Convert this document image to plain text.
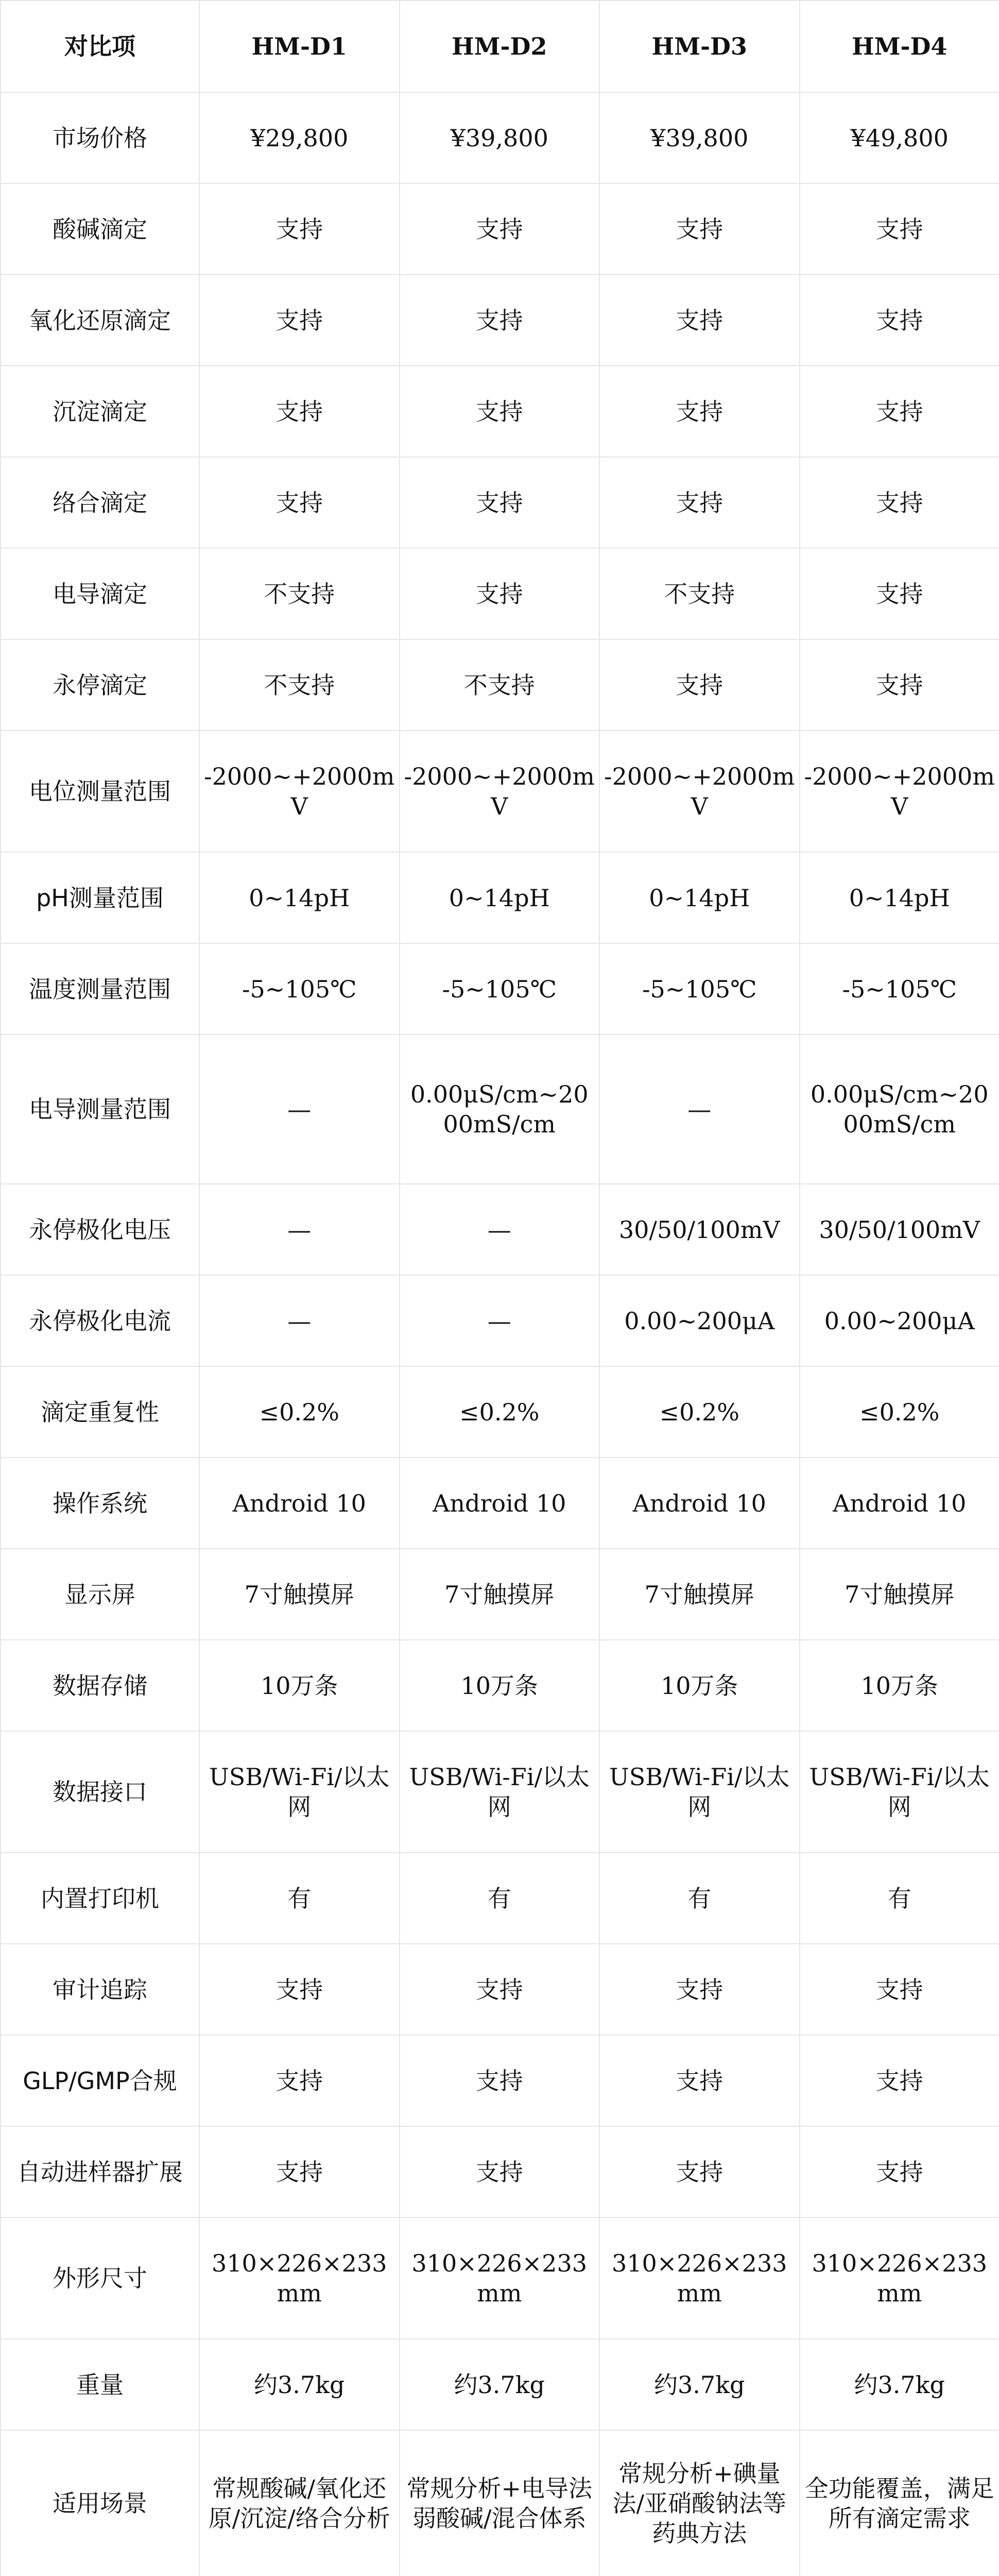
对比项	HM-D1	HM-D2	HM-D3	HM-D4
市场价格	¥29,800	¥39,800	¥39,800	¥49,800
酸碱滴定	支持	支持	支持	支持
氧化还原滴定	支持	支持	支持	支持
沉淀滴定	支持	支持	支持	支持
络合滴定	支持	支持	支持	支持
电导滴定	不支持	支持	不支持	支持
永停滴定	不支持	不支持	支持	支持
电位测量范围	-2000~+2000mV	-2000~+2000mV	-2000~+2000mV	-2000~+2000mV
pH测量范围	0~14pH	0~14pH	0~14pH	0~14pH
温度测量范围	-5~105℃	-5~105℃	-5~105℃	-5~105℃
电导测量范围	—	0.00μS/cm~2000mS/cm	—	0.00μS/cm~2000mS/cm
永停极化电压	—	—	30/50/100mV	30/50/100mV
永停极化电流	—	—	0.00~200μA	0.00~200μA
滴定重复性	≤0.2%	≤0.2%	≤0.2%	≤0.2%
操作系统	Android 10	Android 10	Android 10	Android 10
显示屏	7寸触摸屏	7寸触摸屏	7寸触摸屏	7寸触摸屏
数据存储	10万条	10万条	10万条	10万条
数据接口	USB/Wi-Fi/以太网	USB/Wi-Fi/以太网	USB/Wi-Fi/以太网	USB/Wi-Fi/以太网
内置打印机	有	有	有	有
审计追踪	支持	支持	支持	支持
GLP/GMP合规	支持	支持	支持	支持
自动进样器扩展	支持	支持	支持	支持
外形尺寸	310×226×233mm	310×226×233mm	310×226×233mm	310×226×233mm
重量	约3.7kg	约3.7kg	约3.7kg	约3.7kg
适用场景	常规酸碱/氧化还原/沉淀/络合分析	常规分析+电导法弱酸碱/混合体系	常规分析+碘量法/亚硝酸钠法等药典方法	全功能覆盖，满足所有滴定需求
